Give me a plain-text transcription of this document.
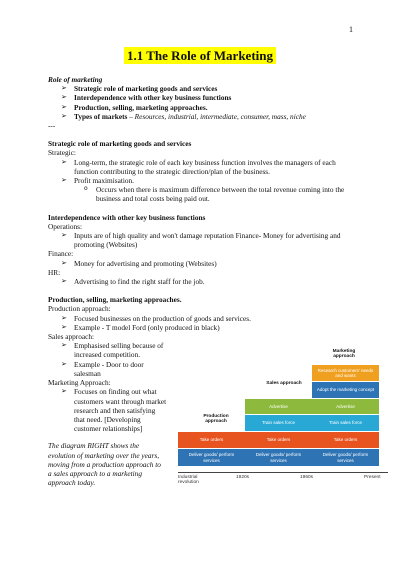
1
1.1 The Role of Marketing
Role of marketing
➢ Strategic role of marketing goods and services
➢ Interdependence with other key business functions
➢ Production, selling, marketing approaches.
➢ Types of markets – Resources, industrial, intermediate, consumer, mass, niche
---
Strategic role of marketing goods and services
Strategic:
➢ Long-term, the strategic role of each key business function involves the managers of each function contributing to the strategic direction/plan of the business.
➢ Profit maximisation.
o Occurs when there is maximum difference between the total revenue coming into the business and total costs being paid out.
Interdependence with other key business functions
Operations:
➢ Inputs are of high quality and won't damage reputation Finance- Money for advertising and promoting (Websites)
Finance:
➢ Money for advertising and promoting (Websites)
HR:
➢ Advertising to find the right staff for the job.
Production, selling, marketing approaches.
Production approach:
➢ Focused businesses on the production of goods and services.
➢ Example - T model Ford (only produced in black)
Sales approach:
➢ Emphasised selling because of increased competition.
➢ Example - Door to door salesman
Marketing Approach:
➢ Focuses on finding out what customers want through market research and then satisfying that need. [Developing customer relationships]
The diagram RIGHT shows the evolution of marketing over the years, moving from a production approach to a sales approach to a marketing approach today.
Production approach
Sales approach
Marketing approach
Deliver goods/ perform services
Deliver goods/ perform services
Deliver goods/ perform services
Take orders	Take orders	Take orders
Train sales force	Train sales force
Advertise	Advertise
Adopt the marketing concept
Research customers' needs and wants
Industrial revolution
1920s	1960s	Present
